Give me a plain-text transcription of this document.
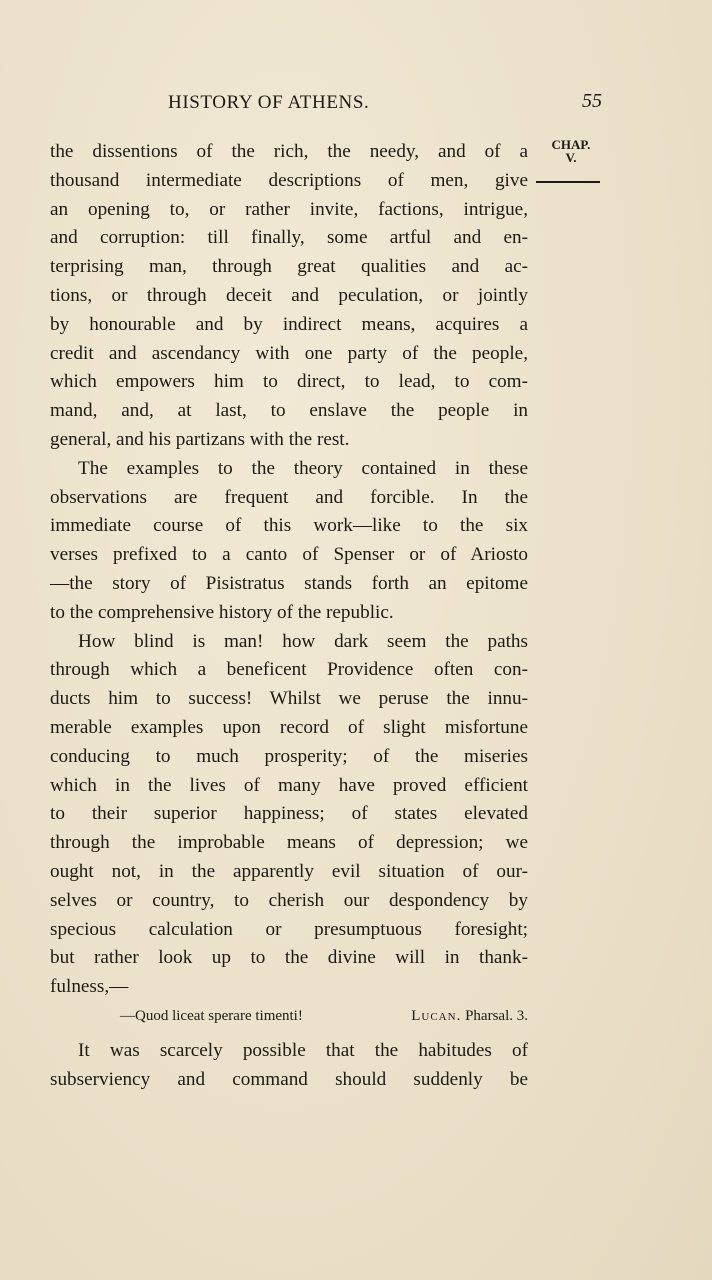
HISTORY OF ATHENS.	55
CHAP.
V.
the dissentions of the rich, the needy, and of a
thousand intermediate descriptions of men, give
an opening to, or rather invite, factions, intrigue,
and corruption: till finally, some artful and en-
terprising man, through great qualities and ac-
tions, or through deceit and peculation, or jointly
by honourable and by indirect means, acquires a
credit and ascendancy with one party of the people,
which empowers him to direct, to lead, to com-
mand, and, at last, to enslave the people in
general, and his partizans with the rest.
The examples to the theory contained in these
observations are frequent and forcible. In the
immediate course of this work—like to the six
verses prefixed to a canto of Spenser or of Ariosto
—the story of Pisistratus stands forth an epitome
to the comprehensive history of the republic.
How blind is man! how dark seem the paths
through which a beneficent Providence often con-
ducts him to success! Whilst we peruse the innu-
merable examples upon record of slight misfortune
conducing to much prosperity; of the miseries
which in the lives of many have proved efficient
to their superior happiness; of states elevated
through the improbable means of depression; we
ought not, in the apparently evil situation of our-
selves or country, to cherish our despondency by
specious calculation or presumptuous foresight;
but rather look up to the divine will in thank-
fulness,—
—Quod liceat sperare timenti!	Lucan. Pharsal. 3.
It was scarcely possible that the habitudes of
subserviency and command should suddenly be
